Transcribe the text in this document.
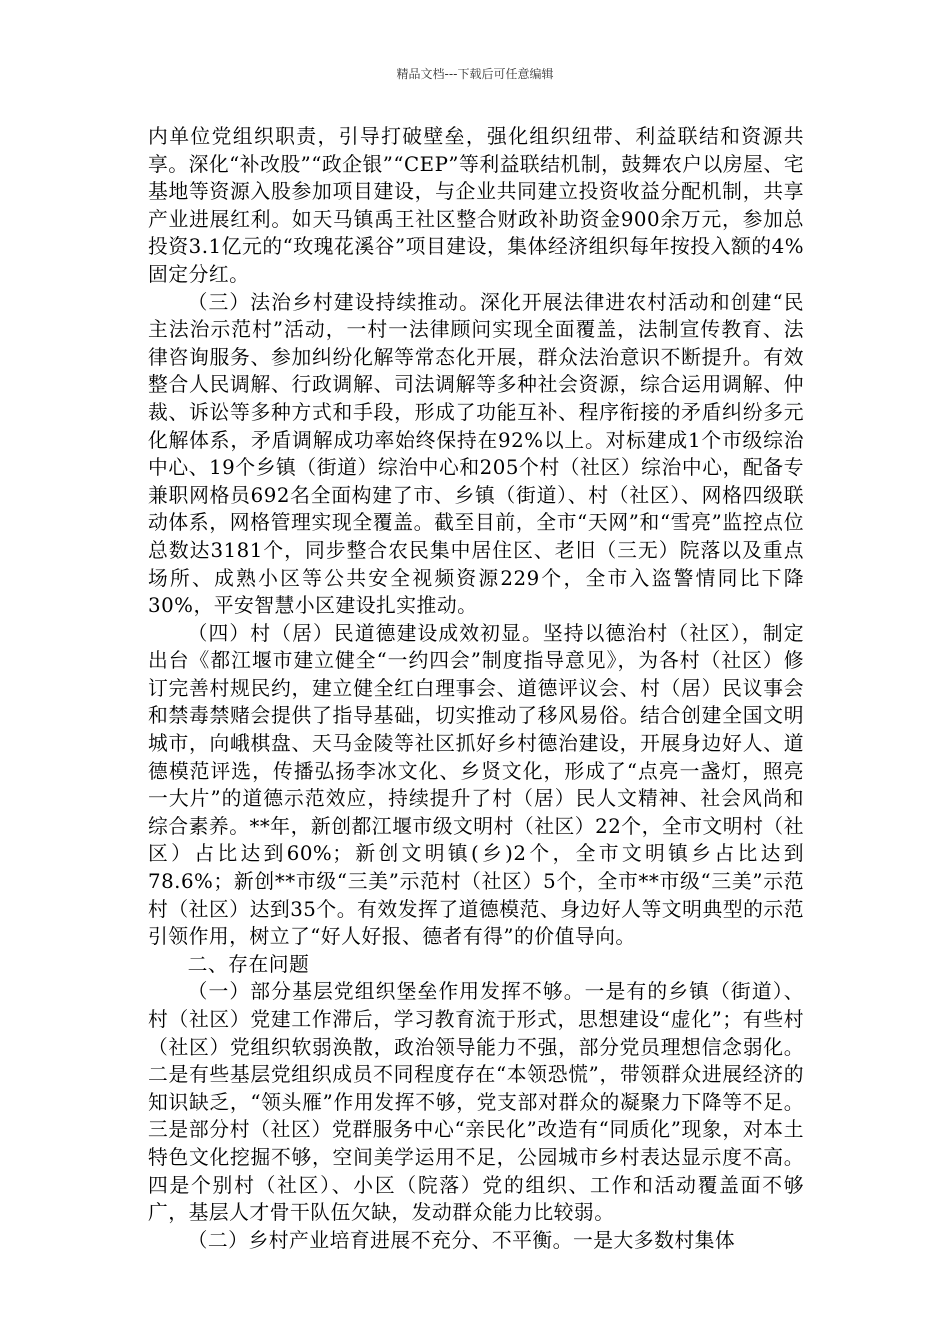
精品文档---下载后可任意编辑

内单位党组织职责，引导打破壁垒，强化组织纽带、利益联结和资源共享。深化“补改股”“政企银”“CEP”等利益联结机制，鼓舞农户以房屋、宅基地等资源入股参加项目建设，与企业共同建立投资收益分配机制，共享产业进展红利。如天马镇禹王社区整合财政补助资金900余万元，参加总投资3.1亿元的“玫瑰花溪谷”项目建设，集体经济组织每年按投入额的4%固定分红。

（三）法治乡村建设持续推动。深化开展法律进农村活动和创建“民主法治示范村”活动，一村一法律顾问实现全面覆盖，法制宣传教育、法律咨询服务、参加纠纷化解等常态化开展，群众法治意识不断提升。有效整合人民调解、行政调解、司法调解等多种社会资源，综合运用调解、仲裁、诉讼等多种方式和手段，形成了功能互补、程序衔接的矛盾纠纷多元化解体系，矛盾调解成功率始终保持在92%以上。对标建成1个市级综治中心、19个乡镇（街道）综治中心和205个村（社区）综治中心，配备专兼职网格员692名全面构建了市、乡镇（街道）、村（社区）、网格四级联动体系，网格管理实现全覆盖。截至目前，全市“天网”和“雪亮”监控点位总数达3181个，同步整合农民集中居住区、老旧（三无）院落以及重点场所、成熟小区等公共安全视频资源229个，全市入盗警情同比下降30%，平安智慧小区建设扎实推动。

（四）村（居）民道德建设成效初显。坚持以德治村（社区），制定出台《都江堰市建立健全“一约四会”制度指导意见》，为各村（社区）修订完善村规民约，建立健全红白理事会、道德评议会、村（居）民议事会和禁毒禁赌会提供了指导基础，切实推动了移风易俗。结合创建全国文明城市，向峨棋盘、天马金陵等社区抓好乡村德治建设，开展身边好人、道德模范评选，传播弘扬李冰文化、乡贤文化，形成了“点亮一盏灯，照亮一大片”的道德示范效应，持续提升了村（居）民人文精神、社会风尚和综合素养。**年，新创都江堰市级文明村（社区）22个，全市文明村（社区）占比达到60%；新创文明镇(乡)2个，全市文明镇乡占比达到78.6%；新创**市级“三美”示范村（社区）5个，全市**市级“三美”示范村（社区）达到35个。有效发挥了道德模范、身边好人等文明典型的示范引领作用，树立了“好人好报、德者有得”的价值导向。

二、存在问题

（一）部分基层党组织堡垒作用发挥不够。一是有的乡镇（街道）、村（社区）党建工作滞后，学习教育流于形式，思想建设“虚化”；有些村（社区）党组织软弱涣散，政治领导能力不强，部分党员理想信念弱化。二是有些基层党组织成员不同程度存在“本领恐慌”，带领群众进展经济的知识缺乏，“领头雁”作用发挥不够，党支部对群众的凝聚力下降等不足。三是部分村（社区）党群服务中心“亲民化”改造有“同质化”现象，对本土特色文化挖掘不够，空间美学运用不足，公园城市乡村表达显示度不高。四是个别村（社区）、小区（院落）党的组织、工作和活动覆盖面不够广，基层人才骨干队伍欠缺，发动群众能力比较弱。

（二）乡村产业培育进展不充分、不平衡。一是大多数村集体
